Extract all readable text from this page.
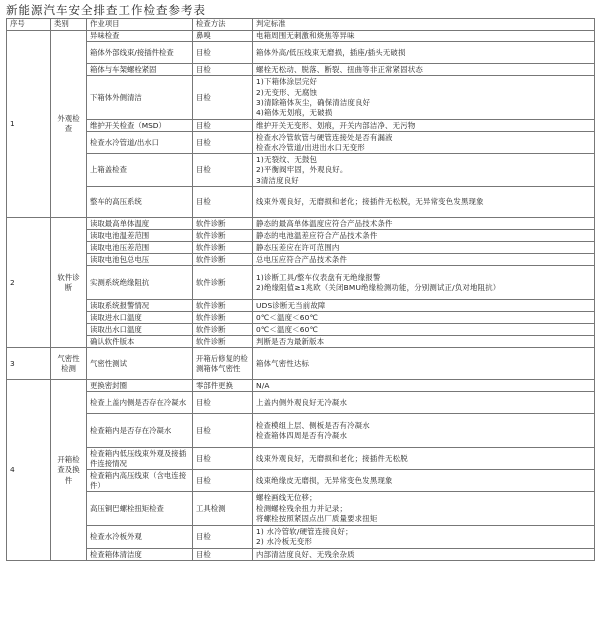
新能源汽车安全排查工作检查参考表
序号	类别	作业项目	检查方法	判定标准
1	外观检查	异味检查	鼻嗅	电箱周围无刺激和烧焦等异味

		箱体外部线束/接插件检查	目检	箱体外高/低压线束无磨损，插座/插头无破损

		箱体与车架螺栓紧固	目检	螺栓无松动、脱落、断裂、扭曲等非正常紧固状态

		下箱体外侧清洁	目检	1)下箱体涂层完好
2)无变形、无腐蚀
3)清除箱体灰尘，确保清洁度良好
4)箱体无划痕，无破损

		维护开关检查（MSD）	目检	维护开关无变形、划痕，开关内部洁净、无污物

		检查水冷管道/出水口	目检	检查水冷管软管与硬管连接处是否有漏液
检查水冷管道/出进出水口无变形

		上箱盖检查	目检	1)无裂纹、无鼓包
2)平衡阀牢固，外观良好。
3清洁度良好

		整车的高压系统	目检	线束外观良好，无磨损和老化；接插件无松脱，无异常变色发黑现象

2	软件诊断	读取最高单体温度	软件诊断	静态的最高单体温度应符合产品技术条件

		读取电池温差范围	软件诊断	静态的电池温差应符合产品技术条件

		读取电池压差范围	软件诊断	静态压差应在许可范围内

		读取电池包总电压	软件诊断	总电压应符合产品技术条件

		实测系统绝缘阻抗	软件诊断	1)诊断工具/整车仪表盘有无绝缘报警
2)绝缘阻值≥1兆欧（关闭BMU绝缘检测功能，分别测试正/负对地阻抗）

		读取系统报警情况	软件诊断	UDS诊断无当前故障

		读取进水口温度	软件诊断	0℃＜温度＜60℃

		读取出水口温度	软件诊断	0℃＜温度＜60℃

		确认软件版本	软件诊断	判断是否为最新版本

3	气密性检测	气密性测试	开箱后修复的检测箱体气密性	箱体气密性达标

4	开箱检查及换件	更换密封圈	零部件更换	N/A

		检查上盖内侧是否存在冷凝水	目检	上盖内侧外观良好无冷凝水

		检查箱内是否存在冷凝水	目检	检查模组上层、侧板是否有冷凝水
检查箱体四周是否有冷凝水

		检查箱内低压线束外观及接插件连接情况	目检	线束外观良好，无磨损和老化；接插件无松脱

		检查箱内高压线束（含电连接件）	目检	线束绝缘皮无磨损，无异常变色发黑现象

		高压铜巴螺栓扭矩检查	工具检测	螺栓画线无位移；
检测螺栓残余扭力并记录；
将螺栓按照紧固点出厂质量要求扭矩

		检查水冷板外观	目检	1) 水冷管软/硬管连接良好；
2) 水冷板无变形

		检查箱体清洁度	目检	内部清洁度良好、无残余杂质
